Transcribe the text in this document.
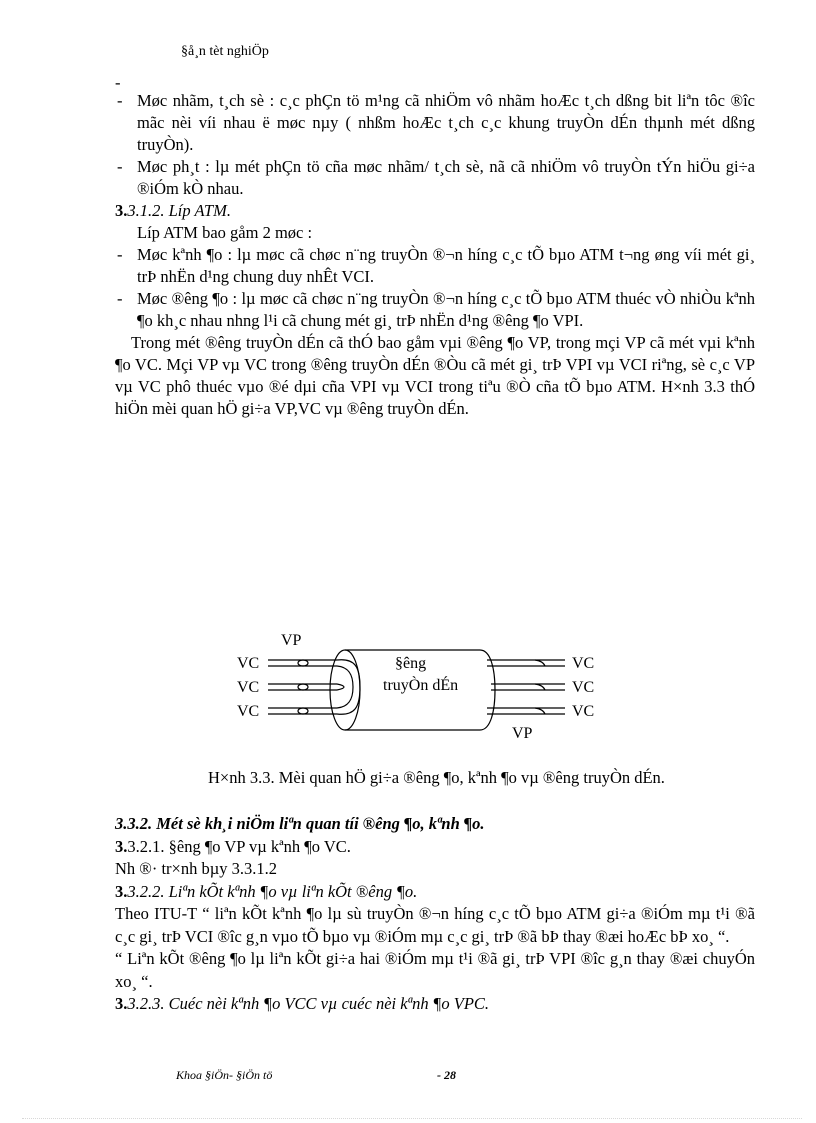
§å¸n tèt nghiÖp
-
- Møc nhãm, t¸ch sè : c¸c phÇn tö m¹ng cã nhiÖm vô nhãm hoÆc t¸ch dßng bit liªn tôc ®îc mãc nèi víi nhau ë møc nµy ( nhßm hoÆc t¸ch c¸c khung truyÒn dÉn thµnh mét dßng truyÒn).
- Møc ph¸t : lµ mét phÇn tö cña møc nhãm/ t¸ch sè, nã cã nhiÖm vô truyÒn tÝn hiÖu gi÷a ®iÓm kÒ nhau.
3.3.1.2. Líp ATM.
Líp ATM bao gåm 2 møc :
- Møc kªnh ¶o : lµ møc cã chøc n¨ng truyÒn ®¬n híng c¸c tÕ bµo ATM t¬ng øng víi mét gi¸ trÞ nhËn d¹ng chung duy nhÊt VCI.
- Møc ®êng ¶o : lµ møc cã chøc n¨ng truyÒn ®¬n híng c¸c tÕ bµo ATM thuéc vÒ nhiÒu kªnh ¶o kh¸c nhau nhng l¹i cã chung mét gi¸ trÞ nhËn d¹ng ®êng ¶o VPI.
Trong mét ®êng truyÒn dÉn cã thÓ bao gåm vµi ®êng ¶o VP, trong mçi VP cã mét vµi kªnh ¶o VC. Mçi VP vµ VC trong ®êng truyÒn dÉn ®Òu cã mét gi¸ trÞ VPI vµ VCI riªng, sè c¸c VP vµ VC phô thuéc vµo ®é dµi cña VPI vµ VCI trong tiªu ®Ò cña tÕ bµo ATM. H×nh 3.3 thÓ hiÖn mèi quan hÖ gi÷a VP,VC vµ ®êng truyÒn dÉn.
VP
VC
VC
VC
§êng
truyÒn dÉn
VC
VC
VC
VP
H×nh 3.3. Mèi quan hÖ gi÷a ®êng ¶o, kªnh ¶o vµ ®êng truyÒn dÉn.
3.3.2. Mét sè kh¸i niÖm liªn quan tíi ®êng ¶o, kªnh ¶o.
3.3.2.1. §êng ¶o VP vµ kªnh ¶o VC.
Nh ®· tr×nh bµy 3.3.1.2
3.3.2.2. Liªn kÕt kªnh ¶o vµ liªn kÕt ®êng ¶o.
Theo ITU-T “ liªn kÕt kªnh ¶o lµ sù truyÒn ®¬n híng c¸c tÕ bµo ATM gi÷a ®iÓm mµ t¹i ®ã c¸c gi¸ trÞ VCI ®îc g¸n vµo tÕ bµo vµ ®iÓm mµ c¸c gi¸ trÞ ®ã bÞ thay ®æi hoÆc bÞ xo¸ “.
“ Liªn kÕt ®êng ¶o lµ liªn kÕt gi÷a hai ®iÓm mµ t¹i ®ã gi¸ trÞ VPI ®îc g¸n thay ®æi chuyÓn xo¸ “.
3.3.2.3. Cuéc nèi kªnh ¶o VCC vµ cuéc nèi kªnh ¶o VPC.
Khoa §iÖn- §iÖn tö	- 28
